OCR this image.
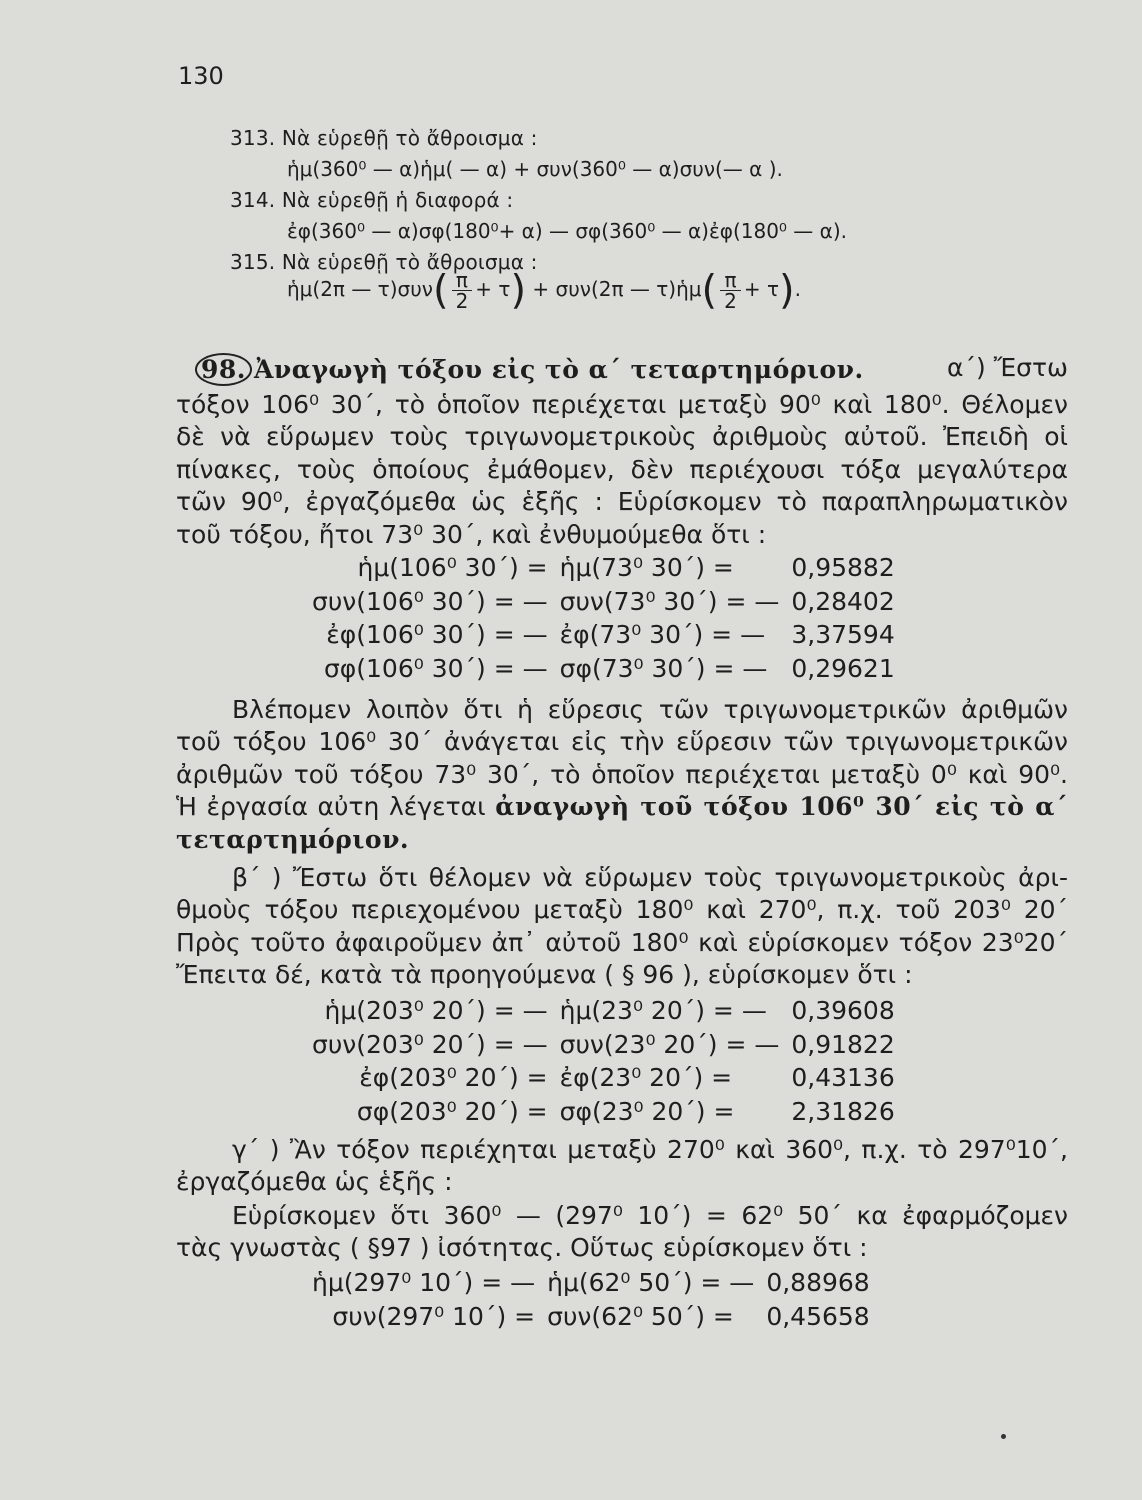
130
313. Νὰ εὑρεθῇ τὸ ἄθροισμα :
ἡμ(360⁰ — α)ἡμ( — α) + συν(360⁰ — α)συν(— α ).
314. Νὰ εὑρεθῇ ἡ διαφορά :
ἐφ(360⁰ — α)σφ(180⁰+ α) — σφ(360⁰ — α)ἐφ(180⁰ — α).
315. Νὰ εὑρεθῇ τὸ ἄθροισμα :
ἡμ(2π — $\tau)\sigma\upsilon\nu( \frac{\pi}{2} + \tau) + \sigma\upsilon\nu(2\pi$ — τ)ἡμ( $\frac{\pi}{2} + \tau$).
98. Ἀναγωγὴ τόξου εἰς τὸ α΄ τεταρτημόριον.	α΄) Ἔστω
τόξον 106⁰ 30΄, τὸ ὁποῖον περιέχεται μεταξὺ 90⁰ καὶ 180⁰. Θέλομεν
δὲ νὰ εὕρωμεν τοὺς τριγωνομετρικοὺς ἀριθμοὺς αὐτοῦ. Ἐπειδὴ οἱ
πίνακες, τοὺς ὁποίους ἐμάθομεν, δὲν περιέχουσι τόξα μεγαλύτερα
τῶν 90⁰, ἐργαζόμεθα ὡς ἑξῆς : Εὑρίσκομεν τὸ παραπληρωματικὸν
τοῦ τόξου, ἤτοι 73⁰ 30΄, καὶ ἐνθυμούμεθα ὅτι :
ἡμ(106⁰ 30΄) =	ἡμ(73⁰ 30΄) =	0,95882
συν(106⁰ 30΄) = —	συν(73⁰ 30΄) = —	0,28402
ἐφ(106⁰ 30΄) = —	ἐφ(73⁰ 30΄) = —	3,37594
σφ(106⁰ 30΄) = —	σφ(73⁰ 30΄) = —	0,29621
Βλέπομεν λοιπὸν ὅτι ἡ εὕρεσις τῶν τριγωνομετρικῶν ἀριθμῶν
τοῦ τόξου 106⁰ 30΄ ἀνάγεται εἰς τὴν εὕρεσιν τῶν τριγωνομετρικῶν
ἀριθμῶν τοῦ τόξου 73⁰ 30΄, τὸ ὁποῖον περιέχεται μεταξὺ 0⁰ καὶ 90⁰.
Ἡ ἐργασία αὐτη λέγεται ἀναγωγὴ τοῦ τόξου 106⁰ 30΄ εἰς τὸ α΄
τεταρτημόριον.
β΄ ) Ἔστω ὅτι θέλομεν νὰ εὕρωμεν τοὺς τριγωνομετρικοὺς ἀρι-
θμοὺς τόξου περιεχομένου μεταξὺ 180⁰ καὶ 270⁰, π.χ. τοῦ 203⁰ 20΄
Πρὸς τοῦτο ἀφαιροῦμεν ἀπ᾽ αὐτοῦ 180⁰ καὶ εὑρίσκομεν τόξον 23⁰20΄
Ἔπειτα δέ, κατὰ τὰ προηγούμενα ( § 96 ), εὑρίσκομεν ὅτι :
ἡμ(203⁰ 20΄) = —	ἡμ(23⁰ 20΄) = —	0,39608
συν(203⁰ 20΄) = —	συν(23⁰ 20΄) = —	0,91822
ἐφ(203⁰ 20΄) =	ἐφ(23⁰ 20΄) =	0,43136
σφ(203⁰ 20΄) =	σφ(23⁰ 20΄) =	2,31826
γ΄ ) Ἂν τόξον περιέχηται μεταξὺ 270⁰ καὶ 360⁰, π.χ. τὸ 297⁰10΄,
ἐργαζόμεθα ὡς ἑξῆς :
Εὑρίσκομεν ὅτι 360⁰ — (297⁰ 10΄) = 62⁰ 50΄ κα ἐφαρμόζομεν
τὰς γνωστὰς ( §97 ) ἰσότητας. Οὕτως εὑρίσκομεν ὅτι :
ἡμ(297⁰ 10΄) = —	ἡμ(62⁰ 50΄) = —	0,88968
συν(297⁰ 10΄) =	συν(62⁰ 50΄) =	0,45658
